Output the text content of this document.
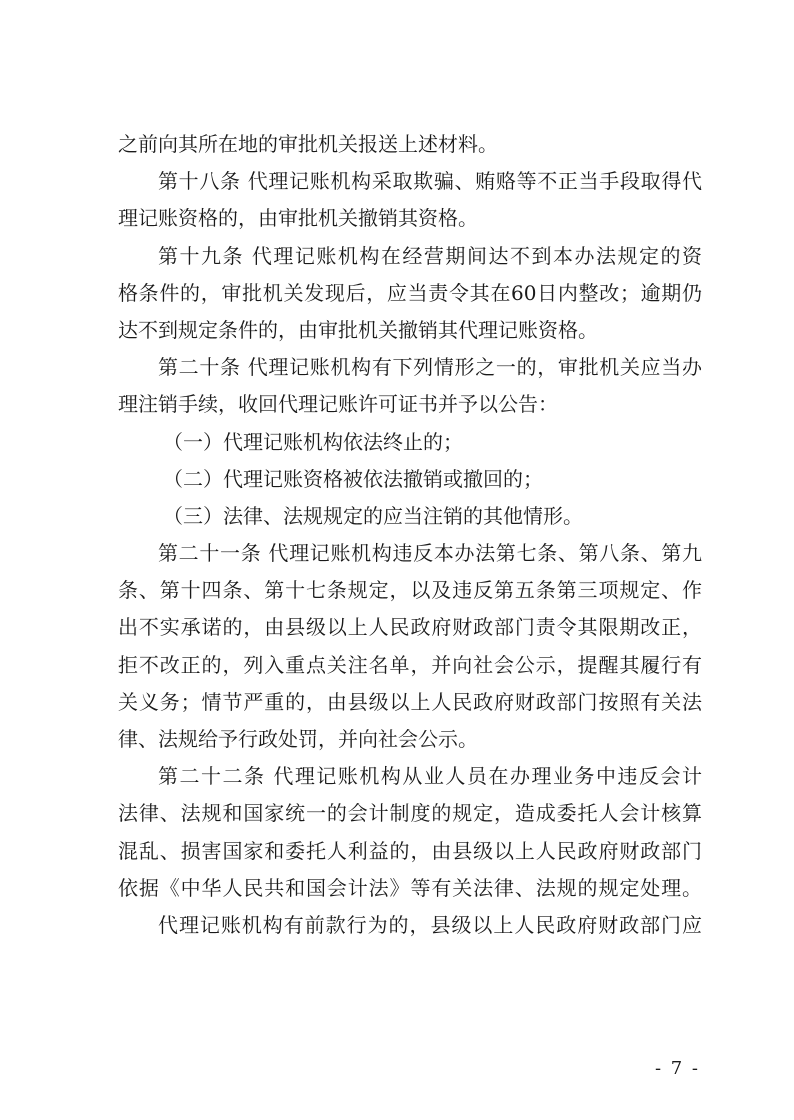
之前向其所在地的审批机关报送上述材料。
第十八条 代理记账机构采取欺骗、贿赂等不正当手段取得代
理记账资格的，由审批机关撤销其资格。
第十九条 代理记账机构在经营期间达不到本办法规定的资
格条件的，审批机关发现后，应当责令其在60日内整改；逾期仍
达不到规定条件的，由审批机关撤销其代理记账资格。
第二十条 代理记账机构有下列情形之一的，审批机关应当办
理注销手续，收回代理记账许可证书并予以公告：
（一）代理记账机构依法终止的；
（二）代理记账资格被依法撤销或撤回的；
（三）法律、法规规定的应当注销的其他情形。
第二十一条 代理记账机构违反本办法第七条、第八条、第九
条、第十四条、第十七条规定，以及违反第五条第三项规定、作
出不实承诺的，由县级以上人民政府财政部门责令其限期改正，
拒不改正的，列入重点关注名单，并向社会公示，提醒其履行有
关义务；情节严重的，由县级以上人民政府财政部门按照有关法
律、法规给予行政处罚，并向社会公示。
第二十二条 代理记账机构从业人员在办理业务中违反会计
法律、法规和国家统一的会计制度的规定，造成委托人会计核算
混乱、损害国家和委托人利益的，由县级以上人民政府财政部门
依据《中华人民共和国会计法》等有关法律、法规的规定处理。
代理记账机构有前款行为的，县级以上人民政府财政部门应
- 7 -
